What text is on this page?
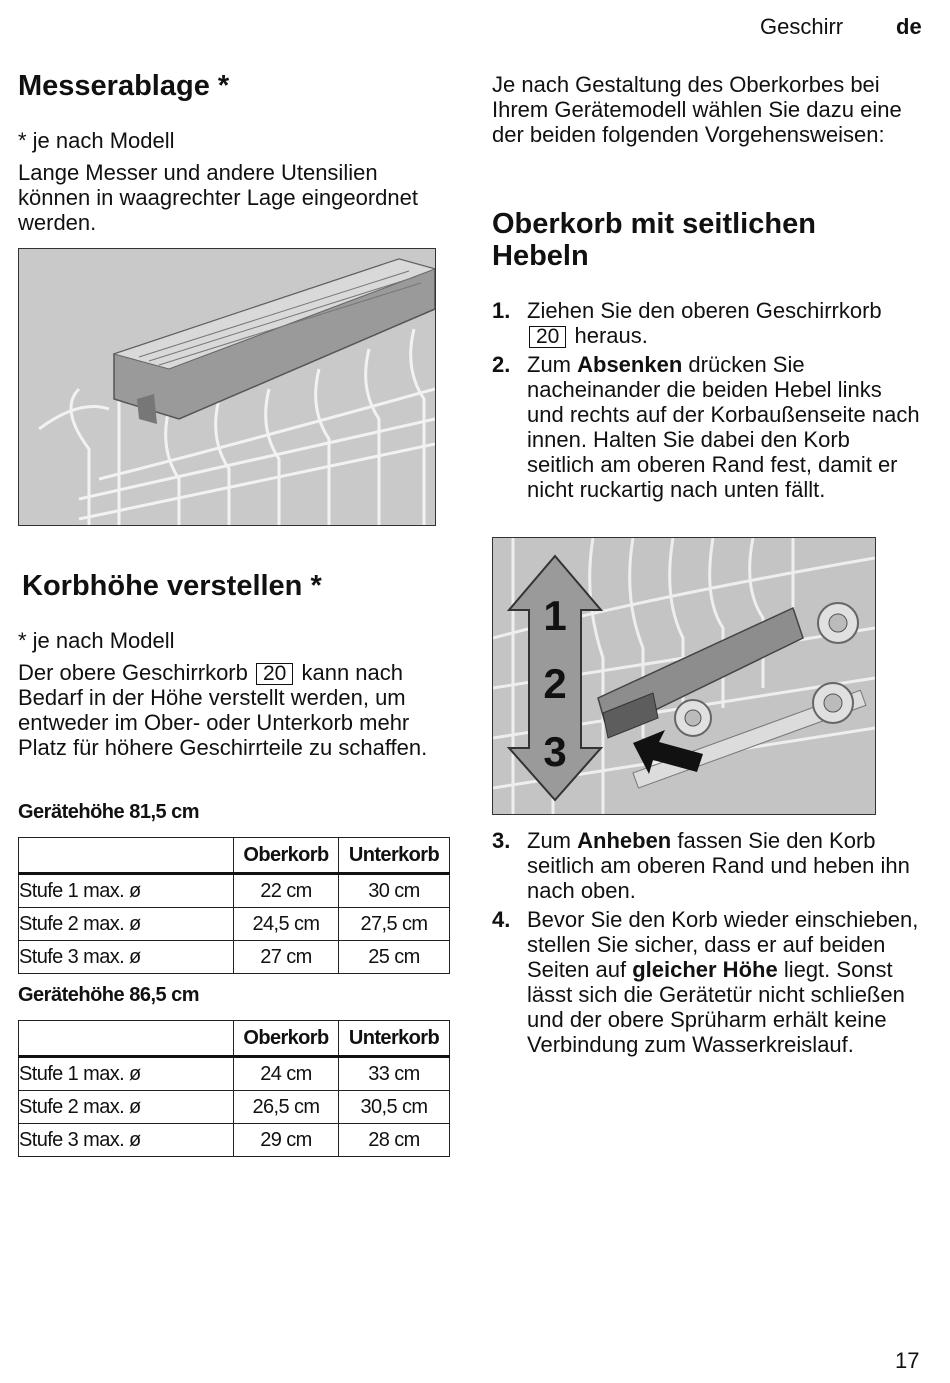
Geschirr de
Messerablage *

* je nach Modell

Lange Messer und andere Utensilien können in waagrechter Lage eingeordnet werden.

Korbhöhe verstellen *

* je nach Modell

Der obere Geschirrkorb 20 kann nach Bedarf in der Höhe verstellt werden, um entweder im Ober- oder Unterkorb mehr Platz für höhere Geschirrteile zu schaffen.

Gerätehöhe 81,5 cm
	Oberkorb	Unterkorb
Stufe 1 max. ø	22 cm	30 cm
Stufe 2 max. ø	24,5 cm	27,5 cm
Stufe 3 max. ø	27 cm	25 cm
Gerätehöhe 86,5 cm
	Oberkorb	Unterkorb
Stufe 1 max. ø	24 cm	33 cm
Stufe 2 max. ø	26,5 cm	30,5 cm
Stufe 3 max. ø	29 cm	28 cm

Je nach Gestaltung des Oberkorbes bei Ihrem Gerätemodell wählen Sie dazu eine der beiden folgenden Vorgehensweisen:

Oberkorb mit seitlichen
Hebeln
1. Ziehen Sie den oberen Geschirrkorb
20 heraus.
2. Zum Absenken drücken Sie nacheinander die beiden Hebel links und rechts auf der Korbaußenseite nach innen. Halten Sie dabei den Korb seitlich am oberen Rand fest, damit er nicht ruckartig nach unten fällt.
1
2
3
3. Zum Anheben fassen Sie den Korb seitlich am oberen Rand und heben ihn nach oben.
4. Bevor Sie den Korb wieder einschieben, stellen Sie sicher, dass er auf beiden Seiten auf gleicher Höhe liegt. Sonst lässt sich die Gerätetür nicht schließen und der obere Sprüharm erhält keine Verbindung zum Wasserkreislauf.
17
